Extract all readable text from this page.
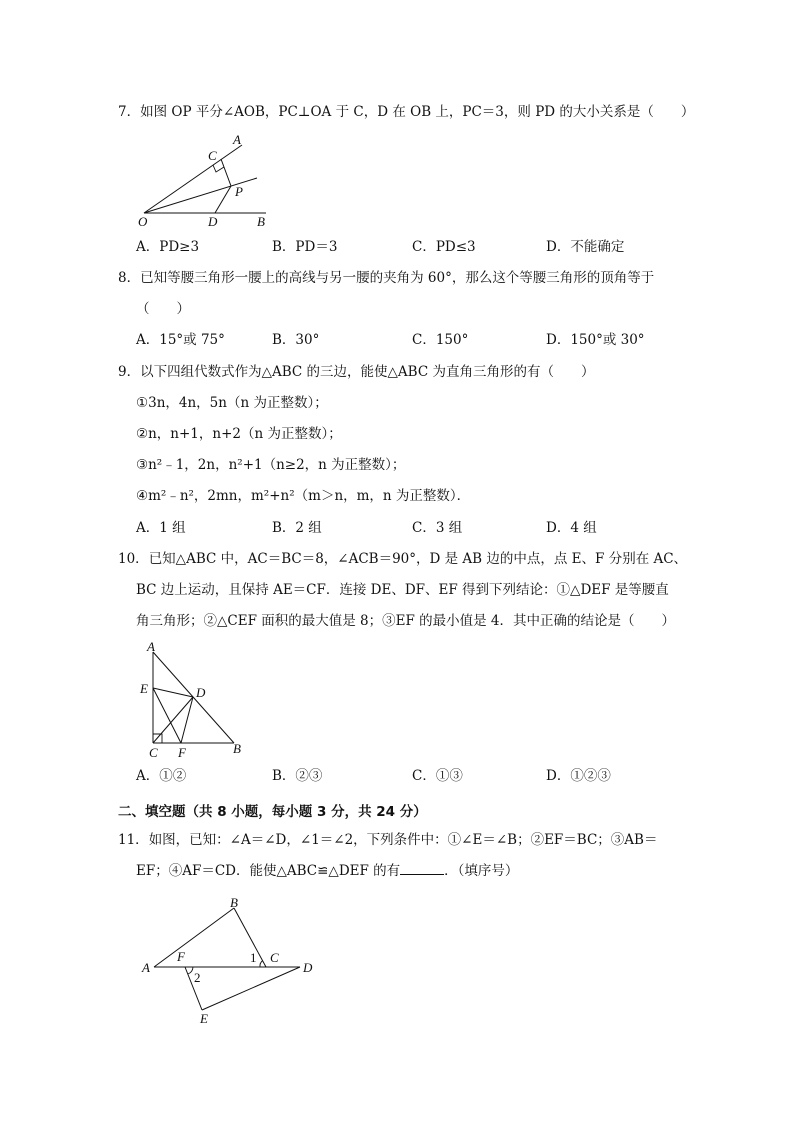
7．如图 OP 平分∠AOB，PC⊥OA 于 C，D 在 OB 上，PC＝3，则 PD 的大小关系是（　　）
A
C
P
O	D	B
A．PD≥3	B．PD＝3	C．PD≤3	D．不能确定
8．已知等腰三角形一腰上的高线与另一腰的夹角为 60°，那么这个等腰三角形的顶角等于
（　　）
A．15°或 75°	B．30°	C．150°	D．150°或 30°
9．以下四组代数式作为△ABC 的三边，能使△ABC 为直角三角形的有（　　）
①3n，4n，5n（n 为正整数）；
②n，n+1，n+2（n 为正整数）；
③n²﹣1，2n，n²+1（n≥2，n 为正整数）；
④m²﹣n²，2mn，m²+n²（m＞n，m，n 为正整数）．
A．1 组	B．2 组	C．3 组	D．4 组
10．已知△ABC 中，AC＝BC＝8，∠ACB＝90°，D 是 AB 边的中点，点 E、F 分别在 AC、
BC 边上运动，且保持 AE＝CF．连接 DE、DF、EF 得到下列结论：①△DEF 是等腰直
角三角形；②△CEF 面积的最大值是 8；③EF 的最小值是 4．其中正确的结论是（　　）
A
E	D
C F	B
A．①②	B．②③	C．①③	D．①②③
二、填空题（共 8 小题，每小题 3 分，共 24 分）
11．如图，已知：∠A＝∠D，∠1＝∠2，下列条件中：①∠E＝∠B；②EF＝BC；③AB＝
EF；④AF＝CD．能使△ABC≌△DEF 的有	．（填序号）
B
A
F	1 C
D
2
E
